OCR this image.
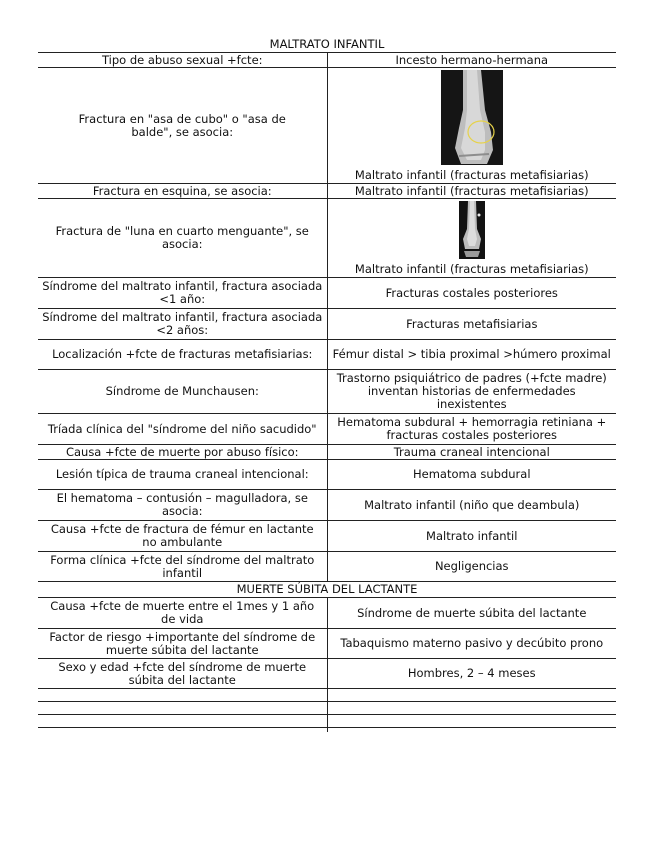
MALTRATO INFANTIL	
Tipo de abuso sexual +fcte:	Incesto hermano-hermana
Fractura en "asa de cubo" o "asa de balde", se asocia:	Maltrato infantil (fracturas metafisiarias)

Fractura en esquina, se asocia:	Maltrato infantil (fracturas metafisiarias)
Fractura de "luna en cuarto menguante", se asocia:	Maltrato infantil (fracturas metafisiarias)

Síndrome del maltrato infantil, fractura asociada <1 año:	Fracturas costales posteriores
Síndrome del maltrato infantil, fractura asociada <2 años:	Fracturas metafisiarias
Localización +fcte de fracturas metafisiarias:	Fémur distal > tibia proximal >húmero proximal
Síndrome de Munchausen:	Trastorno psiquiátrico de padres (+fcte madre) inventan historias de enfermedades inexistentes
Tríada clínica del "síndrome del niño sacudido"	Hematoma subdural + hemorragia retiniana + fracturas costales posteriores
Causa +fcte de muerte por abuso físico:	Trauma craneal intencional
Lesión típica de trauma craneal intencional:	Hematoma subdural
El hematoma – contusión – magulladora, se asocia:	Maltrato infantil (niño que deambula)
Causa +fcte de fractura de fémur en lactante no ambulante	Maltrato infantil
Forma clínica +fcte del síndrome del maltrato infantil	Negligencias
MUERTE SÚBITA DEL LACTANTE	
Causa +fcte de muerte entre el 1mes y 1 año de vida	Síndrome de muerte súbita del lactante
Factor de riesgo +importante del síndrome de muerte súbita del lactante	Tabaquismo materno pasivo y decúbito prono
Sexo y edad +fcte del síndrome de muerte súbita del lactante	Hombres, 2 – 4 meses
